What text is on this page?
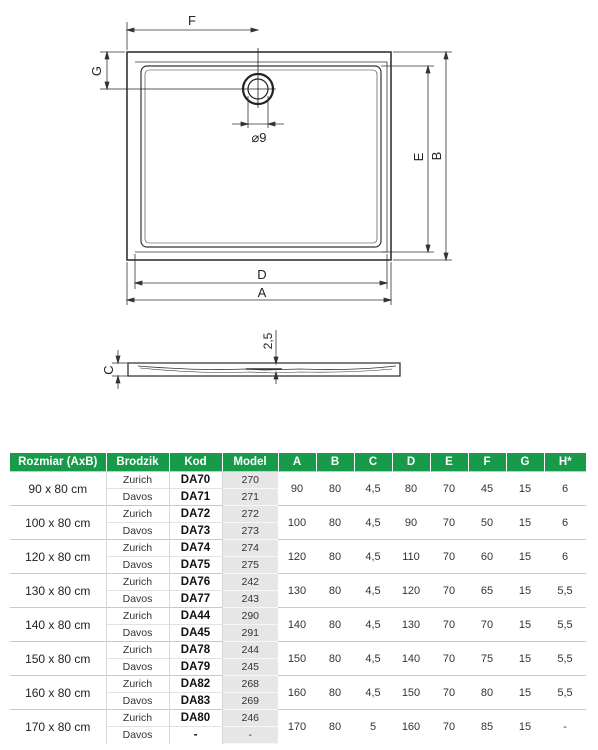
F
G
⌀9
E B
D
A
2,5
C
Rozmiar (AxB)	Brodzik	Kod	Model	A	B	C	D	E	F	G	H*
90 x 80 cm	Zurich	DA70	270	90	80	4,5	80	70	45	15	6
	Davos	DA71	271								
100 x 80 cm	Zurich	DA72	272	100	80	4,5	90	70	50	15	6
	Davos	DA73	273								
120 x 80 cm	Zurich	DA74	274	120	80	4,5	110	70	60	15	6
	Davos	DA75	275								
130 x 80 cm	Zurich	DA76	242	130	80	4,5	120	70	65	15	5,5
	Davos	DA77	243								
140 x 80 cm	Zurich	DA44	290	140	80	4,5	130	70	70	15	5,5
	Davos	DA45	291								
150 x 80 cm	Zurich	DA78	244	150	80	4,5	140	70	75	15	5,5
	Davos	DA79	245								
160 x 80 cm	Zurich	DA82	268	160	80	4,5	150	70	80	15	5,5
	Davos	DA83	269								
170 x 80 cm	Zurich	DA80	246	170	80	5	160	70	85	15	-
	Davos	-	-								
